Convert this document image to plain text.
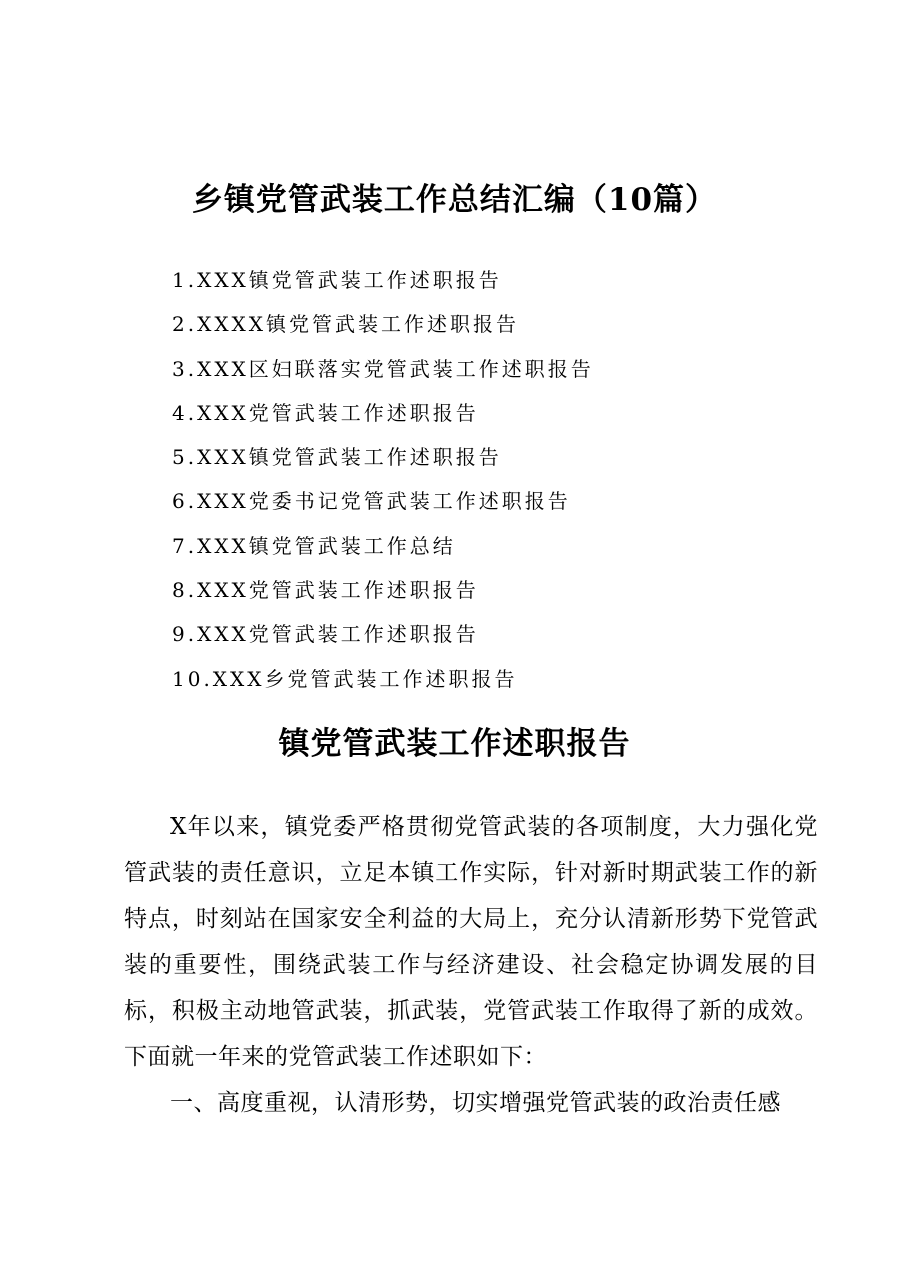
乡镇党管武装工作总结汇编（10篇）
1.XXX镇党管武装工作述职报告
2.XXXX镇党管武装工作述职报告
3.XXX区妇联落实党管武装工作述职报告
4.XXX党管武装工作述职报告
5.XXX镇党管武装工作述职报告
6.XXX党委书记党管武装工作述职报告
7.XXX镇党管武装工作总结
8.XXX党管武装工作述职报告
9.XXX党管武装工作述职报告
10.XXX乡党管武装工作述职报告
镇党管武装工作述职报告

X年以来，镇党委严格贯彻党管武装的各项制度，大力强化党管武装的责任意识，立足本镇工作实际，针对新时期武装工作的新特点，时刻站在国家安全利益的大局上，充分认清新形势下党管武装的重要性，围绕武装工作与经济建设、社会稳定协调发展的目标，积极主动地管武装，抓武装，党管武装工作取得了新的成效。下面就一年来的党管武装工作述职如下：

一、高度重视，认清形势，切实增强党管武装的政治责任感
